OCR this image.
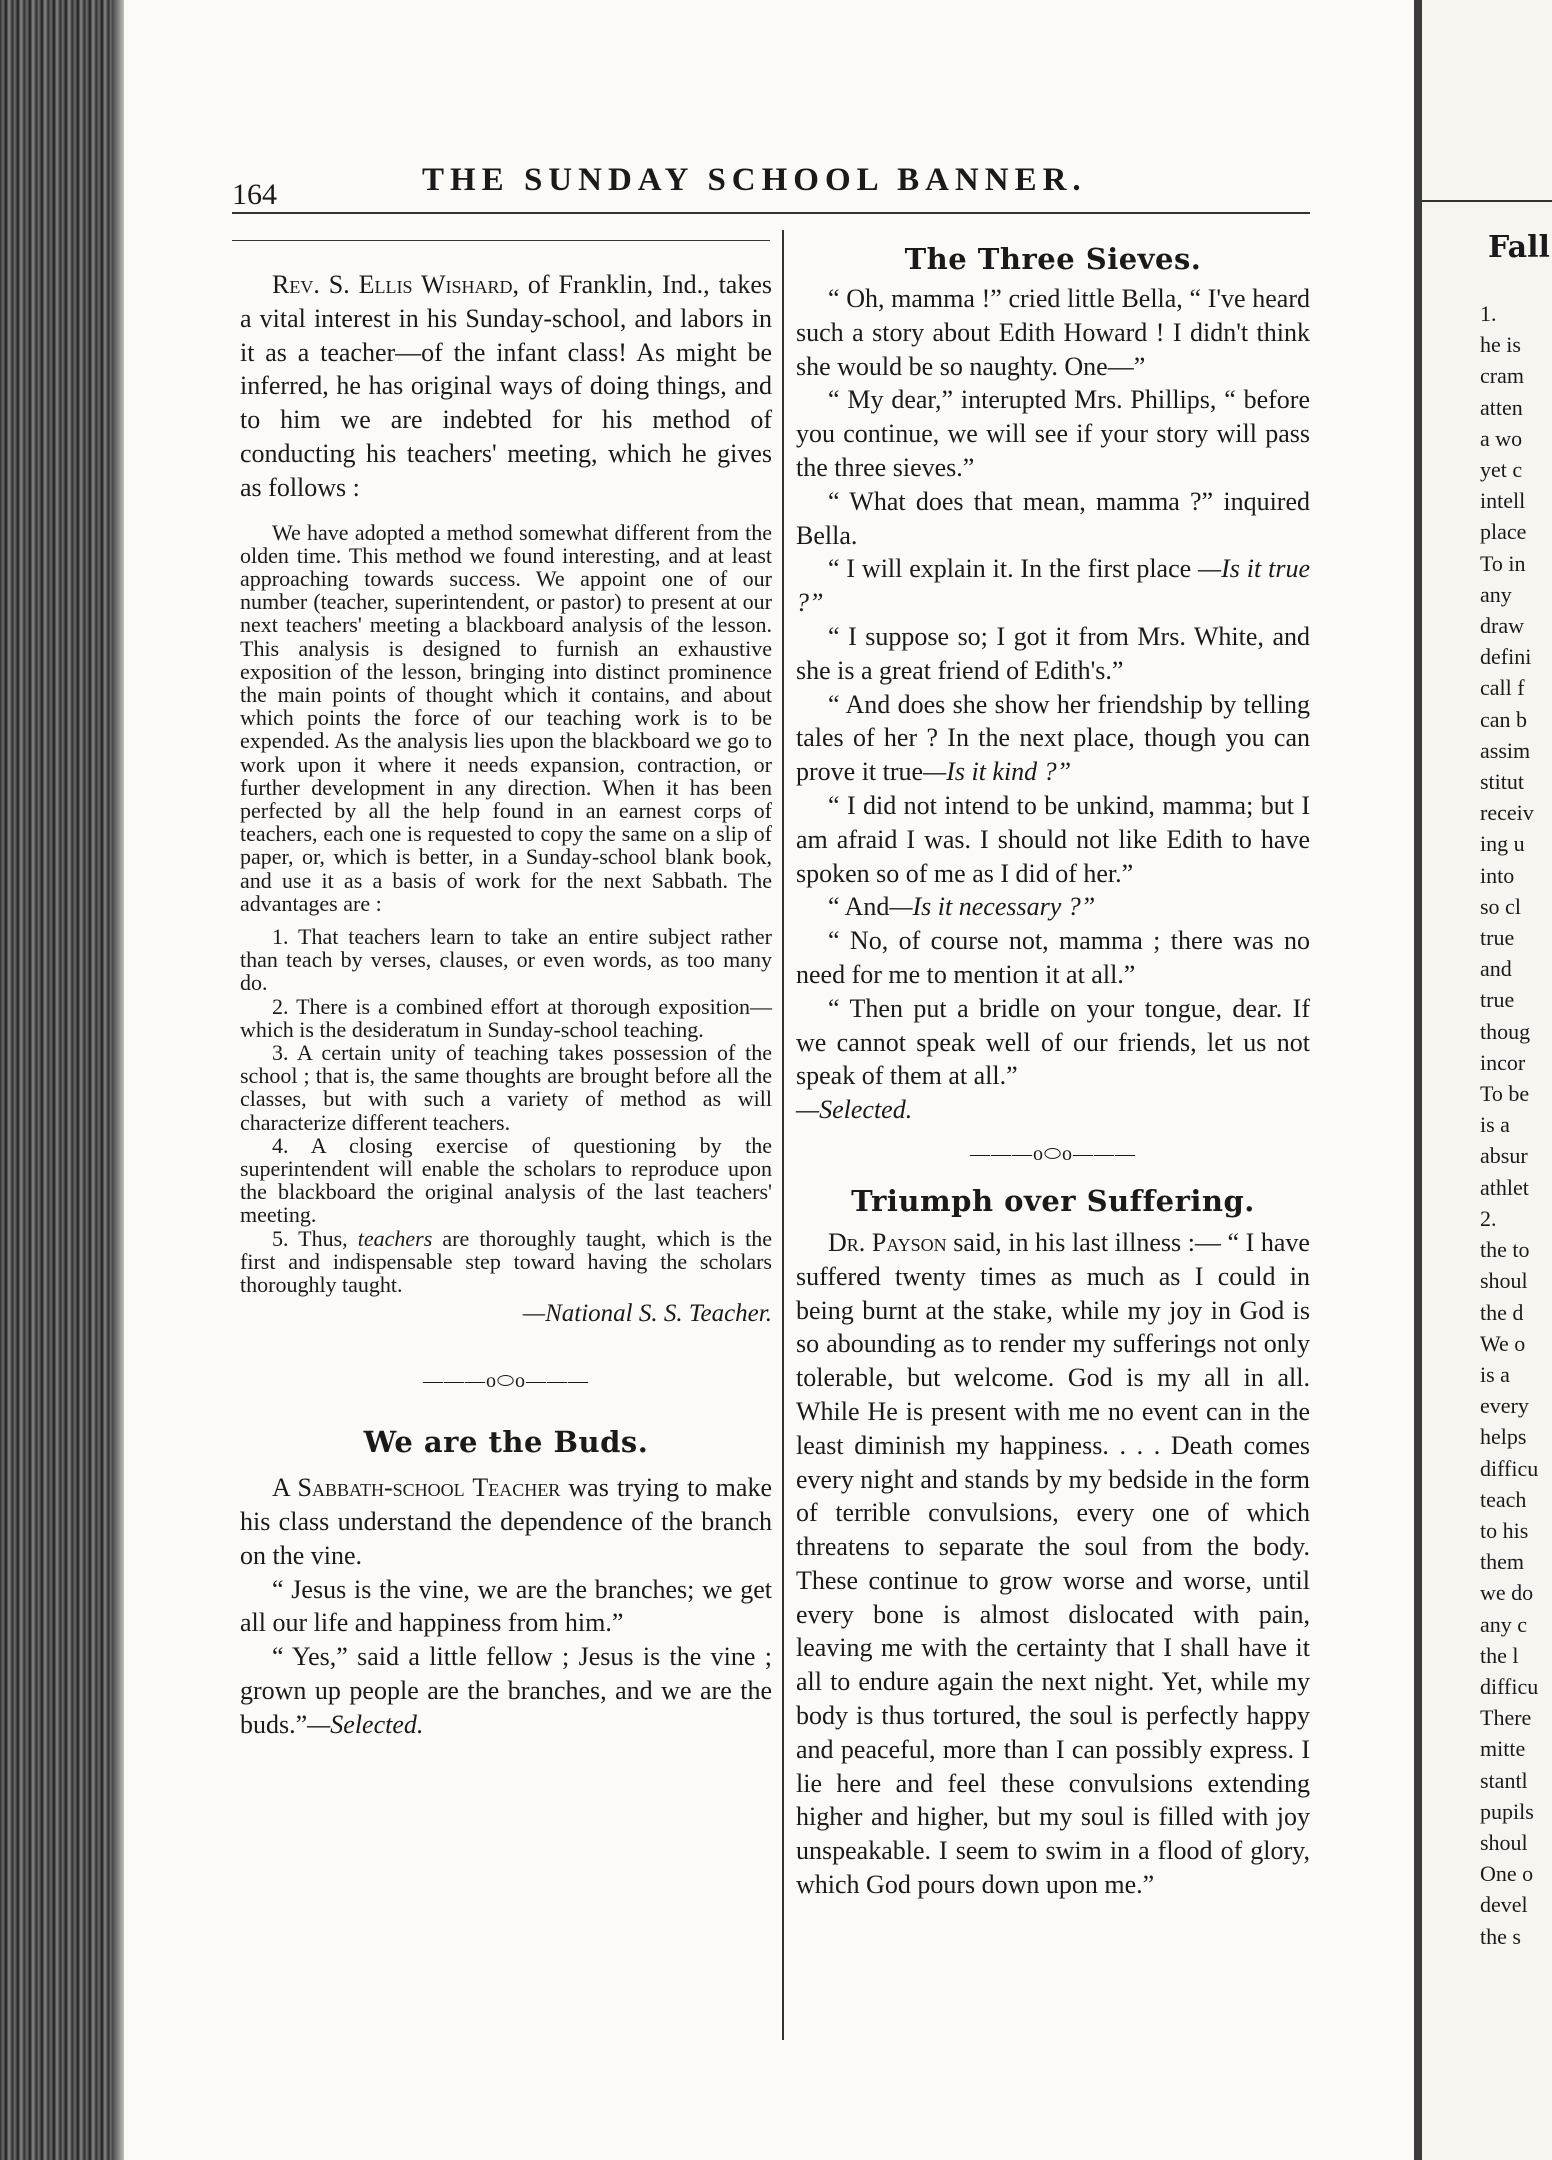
Fall
1.
he is
cram
atten
a wo
yet c
intell
place
To in
any
draw
defini
call f
can b
assim
stitut
receiv
ing u
into
so cl
true
and
true
thoug
incor
To be
is a
absur
athlet
2.
the to
shoul
the d
We o
is a
every
helps
difficu
teach
to his
them
we do
any c
the l
difficu
There
mitte
stantl
pupils
shoul
One o
devel
the s
164	THE SUNDAY SCHOOL BANNER.

Rev. S. Ellis Wishard, of Franklin, Ind., takes a vital interest in his Sunday-school, and labors in it as a teacher—of the infant class! As might be inferred, he has original ways of doing things, and to him we are indebted for his method of conducting his teachers' meeting, which he gives as follows :

We have adopted a method somewhat different from the olden time. This method we found interesting, and at least approaching towards success. We appoint one of our number (teacher, superintendent, or pastor) to present at our next teachers' meeting a blackboard analysis of the lesson. This analysis is designed to furnish an exhaustive exposition of the lesson, bringing into distinct prominence the main points of thought which it contains, and about which points the force of our teaching work is to be expended. As the analysis lies upon the blackboard we go to work upon it where it needs expansion, contraction, or further development in any direction. When it has been perfected by all the help found in an earnest corps of teachers, each one is requested to copy the same on a slip of paper, or, which is better, in a Sunday-school blank book, and use it as a basis of work for the next Sabbath. The advantages are :

1. That teachers learn to take an entire subject rather than teach by verses, clauses, or even words, as too many do.

2. There is a combined effort at thorough exposition—which is the desideratum in Sunday-school teaching.

3. A certain unity of teaching takes possession of the school ; that is, the same thoughts are brought before all the classes, but with such a variety of method as will characterize different teachers.

4. A closing exercise of questioning by the superintendent will enable the scholars to reproduce upon the blackboard the original analysis of the last teachers' meeting.

5. Thus, teachers are thoroughly taught, which is the first and indispensable step toward having the scholars thoroughly taught.

—National S. S. Teacher.

———o⬭o———

We are the Buds.

A Sabbath-school Teacher was trying to make his class understand the dependence of the branch on the vine.

“ Jesus is the vine, we are the branches; we get all our life and happiness from him.”

“ Yes,” said a little fellow ; Jesus is the vine ; grown up people are the branches, and we are the buds.”—Selected.

The Three Sieves.

“ Oh, mamma !” cried little Bella, “ I've heard such a story about Edith Howard ! I didn't think she would be so naughty. One—”

“ My dear,” interupted Mrs. Phillips, “ before you continue, we will see if your story will pass the three sieves.”

“ What does that mean, mamma ?” inquired Bella.

“ I will explain it. In the first place —Is it true ?”

“ I suppose so; I got it from Mrs. White, and she is a great friend of Edith's.”

“ And does she show her friendship by telling tales of her ? In the next place, though you can prove it true—Is it kind ?”

“ I did not intend to be unkind, mamma; but I am afraid I was. I should not like Edith to have spoken so of me as I did of her.”

“ And—Is it necessary ?”

“ No, of course not, mamma ; there was no need for me to mention it at all.”

“ Then put a bridle on your tongue, dear. If we cannot speak well of our friends, let us not speak of them at all.”

—Selected.

———o⬭o———

Triumph over Suffering.

Dr. Payson said, in his last illness :— “ I have suffered twenty times as much as I could in being burnt at the stake, while my joy in God is so abounding as to render my sufferings not only tolerable, but welcome. God is my all in all. While He is present with me no event can in the least diminish my happiness. . . . Death comes every night and stands by my bedside in the form of terrible convulsions, every one of which threatens to separate the soul from the body. These continue to grow worse and worse, until every bone is almost dislocated with pain, leaving me with the certainty that I shall have it all to endure again the next night. Yet, while my body is thus tortured, the soul is perfectly happy and peaceful, more than I can possibly express. I lie here and feel these convulsions extending higher and higher, but my soul is filled with joy unspeakable. I seem to swim in a flood of glory, which God pours down upon me.”
